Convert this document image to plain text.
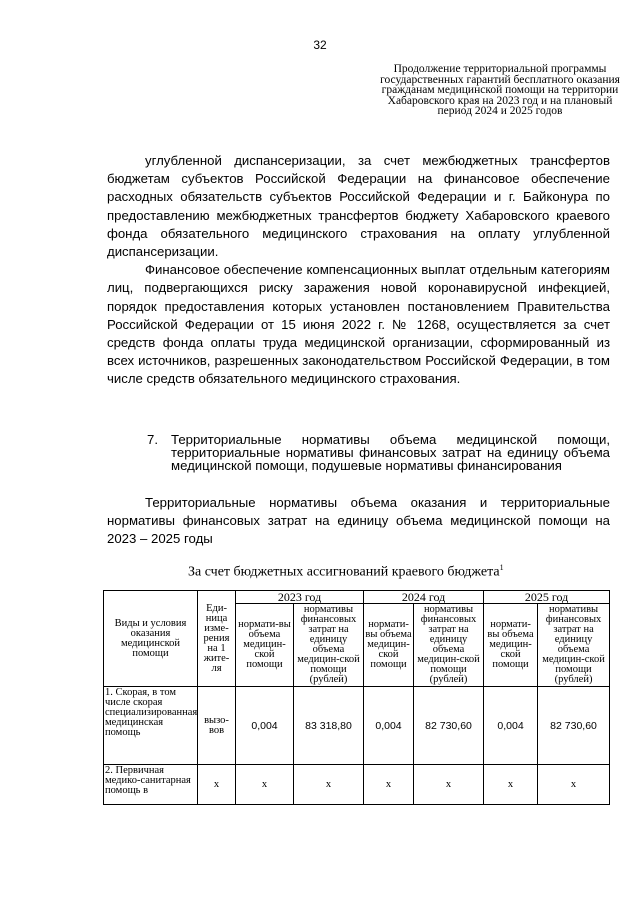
32
Продолжение территориальной программы государственных гарантий бесплатного оказания гражданам медицинской помощи на территории Хабаровского края на 2023 год и на плановый период 2024 и 2025 годов

углубленной диспансеризации, за счет межбюджетных трансфертов бюджетам субъектов Российской Федерации на финансовое обеспечение расходных обязательств субъектов Российской Федерации и г. Байконура по предоставлению межбюджетных трансфертов бюджету Хабаровского краевого фонда обязательного медицинского страхования на оплату углубленной диспансеризации.

Финансовое обеспечение компенсационных выплат отдельным категориям лиц, подвергающихся риску заражения новой коронавирусной инфекцией, порядок предоставления которых установлен постановлением Правительства Российской Федерации от 15 июня 2022 г. № 1268, осуществляется за счет средств фонда оплаты труда медицинской организации, сформированный из всех источников, разрешенных законодательством Российской Федерации, в том числе средств обязательного медицинского страхования.

7. Территориальные нормативы объема медицинской помощи, территориальные нормативы финансовых затрат на единицу объема медицинской помощи, подушевые нормативы финансирования

Территориальные нормативы объема оказания и территориальные нормативы финансовых затрат на единицу объема медицинской помощи на 2023 – 2025 годы

За счет бюджетных ассигнований краевого бюджета$^1$
Виды и условия оказания медицинской помощи	Еди-ница изме-рения на 1 жите-ля	2023 год		2024 год		2025 год	
		нормати-вы объема медицин-ской помощи	нормативы финансовых затрат на единицу объема медицин-ской помощи (рублей)	нормати-вы объема медицин-ской помощи	нормативы финансовых затрат на единицу объема медицин-ской помощи (рублей)	нормати-вы объема медицин-ской помощи	нормативы финансовых затрат на единицу объема медицин-ской помощи (рублей)
1. Скорая, в том числе скорая специализированная медицинская помощь	вызо-вов	0,004	83 318,80	0,004	82 730,60	0,004	82 730,60
2. Первичная медико-санитарная помощь в	х	х	х	х	х	х	х
